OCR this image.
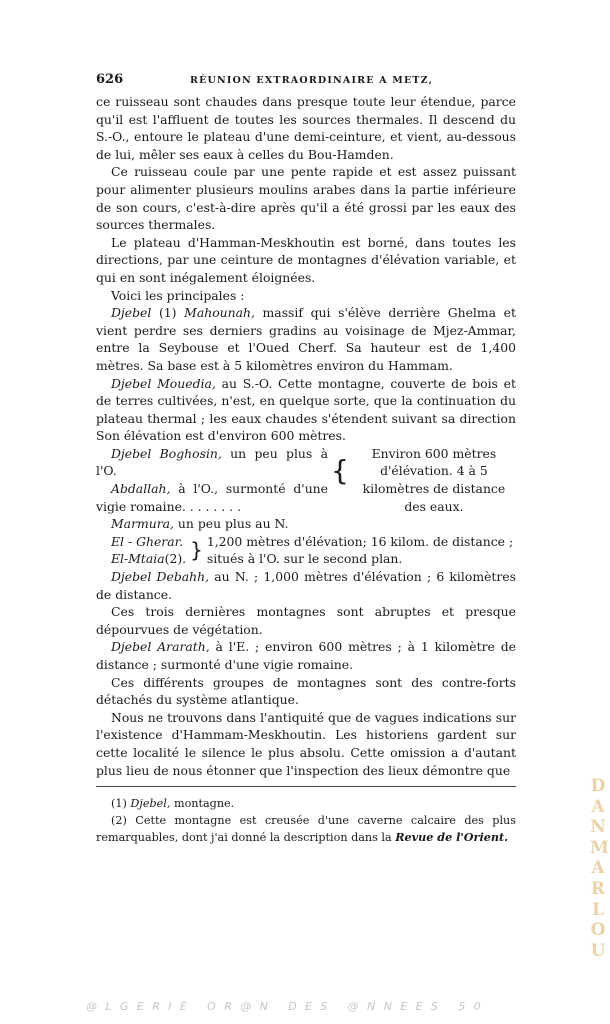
626	RÉUNION EXTRAORDINAIRE A METZ,

ce ruisseau sont chaudes dans presque toute leur étendue, parce qu'il est l'affluent de toutes les sources thermales. Il descend du S.-O., entoure le plateau d'une demi-ceinture, et vient, au-dessous de lui, mêler ses eaux à celles du Bou-Hamden.

Ce ruisseau coule par une pente rapide et est assez puissant pour alimenter plusieurs moulins arabes dans la partie inférieure de son cours, c'est-à-dire après qu'il a été grossi par les eaux des sources thermales.

Le plateau d'Hamman-Meskhoutin est borné, dans toutes les directions, par une ceinture de montagnes d'élévation variable, et qui en sont inégalement éloignées.

Voici les principales :

Djebel (1) Mahounah, massif qui s'élève derrière Ghelma et vient perdre ses derniers gradins au voisinage de Mjez-Ammar, entre la Seybouse et l'Oued Cherf. Sa hauteur est de 1,400 mètres. Sa base est à 5 kilomètres environ du Hammam.

Djebel Mouedia, au S.-O. Cette montagne, couverte de bois et de terres cultivées, n'est, en quelque sorte, que la continuation du plateau thermal ; les eaux chaudes s'étendent suivant sa direction Son élévation est d'environ 600 mètres.

Djebel Boghosin, un peu plus à l'O.
Abdallah, à l'O., surmonté d'une vigie romaine. . . . . . . .
Marmura, un peu plus au N.
{
Environ 600 mètres d'élévation. 4 à 5 kilomètres de distance des eaux.
El - Gherar.
El-Mtaia(2). } 1,200 mètres d'élévation; 16 kilom. de distance ;
situés à l'O. sur le second plan.

Djebel Debahh, au N. ; 1,000 mètres d'élévation ; 6 kilomètres de distance.

Ces trois dernières montagnes sont abruptes et presque dépourvues de végétation.

Djebel Ararath, à l'E. ; environ 600 mètres ; à 1 kilomètre de distance ; surmonté d'une vigie romaine.

Ces différents groupes de montagnes sont des contre-forts détachés du système atlantique.

Nous ne trouvons dans l'antiquité que de vagues indications sur l'existence d'Hammam-Meskhoutin. Les historiens gardent sur cette localité le silence le plus absolu. Cette omission a d'autant plus lieu de nous étonner que l'inspection des lieux démontre que

(1) Djebel, montagne.

(2) Cette montagne est creusée d'une caverne calcaire des plus remarquables, dont j'ai donné la description dans la Revue de l'Orient.

D
A
N
M
A
R
L
O
U
@LGERIE OR@N DES @NNEES 50
